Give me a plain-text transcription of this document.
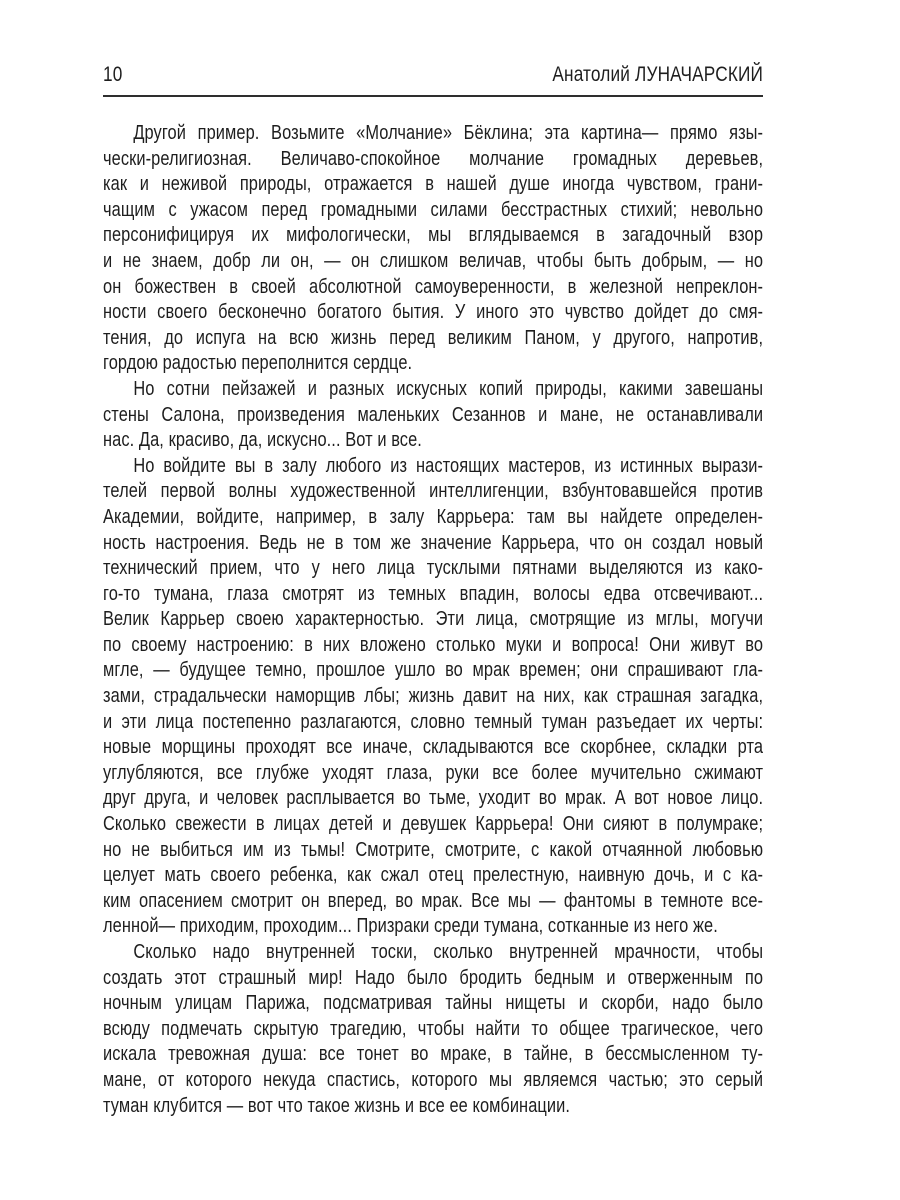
10	Анатолий ЛУНАЧАРСКИЙ
Другой пример. Возьмите «Молчание» Бёклина; эта картина— прямо язы-
чески-религиозная. Величаво-спокойное молчание громадных деревьев,
как и неживой природы, отражается в нашей душе иногда чувством, грани-
чащим с ужасом перед громадными силами бесстрастных стихий; невольно
персонифицируя их мифологически, мы вглядываемся в загадочный взор
и не знаем, добр ли он, — он слишком величав, чтобы быть добрым, — но
он божествен в своей абсолютной самоуверенности, в железной непреклон-
ности своего бесконечно богатого бытия. У иного это чувство дойдет до смя-
тения, до испуга на всю жизнь перед великим Паном, у другого, напротив,
гордою радостью переполнится сердце.
Но сотни пейзажей и разных искусных копий природы, какими завешаны
стены Салона, произведения маленьких Сезаннов и мане, не останавливали
нас. Да, красиво, да, искусно... Вот и все.
Но войдите вы в залу любого из настоящих мастеров, из истинных вырази-
телей первой волны художественной интеллигенции, взбунтовавшейся против
Академии, войдите, например, в залу Каррьера: там вы найдете определен-
ность настроения. Ведь не в том же значение Каррьера, что он создал новый
технический прием, что у него лица тусклыми пятнами выделяются из како-
го-то тумана, глаза смотрят из темных впадин, волосы едва отсвечивают...
Велик Каррьер своею характерностью. Эти лица, смотрящие из мглы, могучи
по своему настроению: в них вложено столько муки и вопроса! Они живут во
мгле, — будущее темно, прошлое ушло во мрак времен; они спрашивают гла-
зами, страдальчески наморщив лбы; жизнь давит на них, как страшная загадка,
и эти лица постепенно разлагаются, словно темный туман разъедает их черты:
новые морщины проходят все иначе, складываются все скорбнее, складки рта
углубляются, все глубже уходят глаза, руки все более мучительно сжимают
друг друга, и человек расплывается во тьме, уходит во мрак. А вот новое лицо.
Сколько свежести в лицах детей и девушек Каррьера! Они сияют в полумраке;
но не выбиться им из тьмы! Смотрите, смотрите, с какой отчаянной любовью
целует мать своего ребенка, как сжал отец прелестную, наивную дочь, и с ка-
ким опасением смотрит он вперед, во мрак. Все мы — фантомы в темноте все-
ленной— приходим, проходим... Призраки среди тумана, сотканные из него же.
Сколько надо внутренней тоски, сколько внутренней мрачности, чтобы
создать этот страшный мир! Надо было бродить бедным и отверженным по
ночным улицам Парижа, подсматривая тайны нищеты и скорби, надо было
всюду подмечать скрытую трагедию, чтобы найти то общее трагическое, чего
искала тревожная душа: все тонет во мраке, в тайне, в бессмысленном ту-
мане, от которого некуда спастись, которого мы являемся частью; это серый
туман клубится — вот что такое жизнь и все ее комбинации.
